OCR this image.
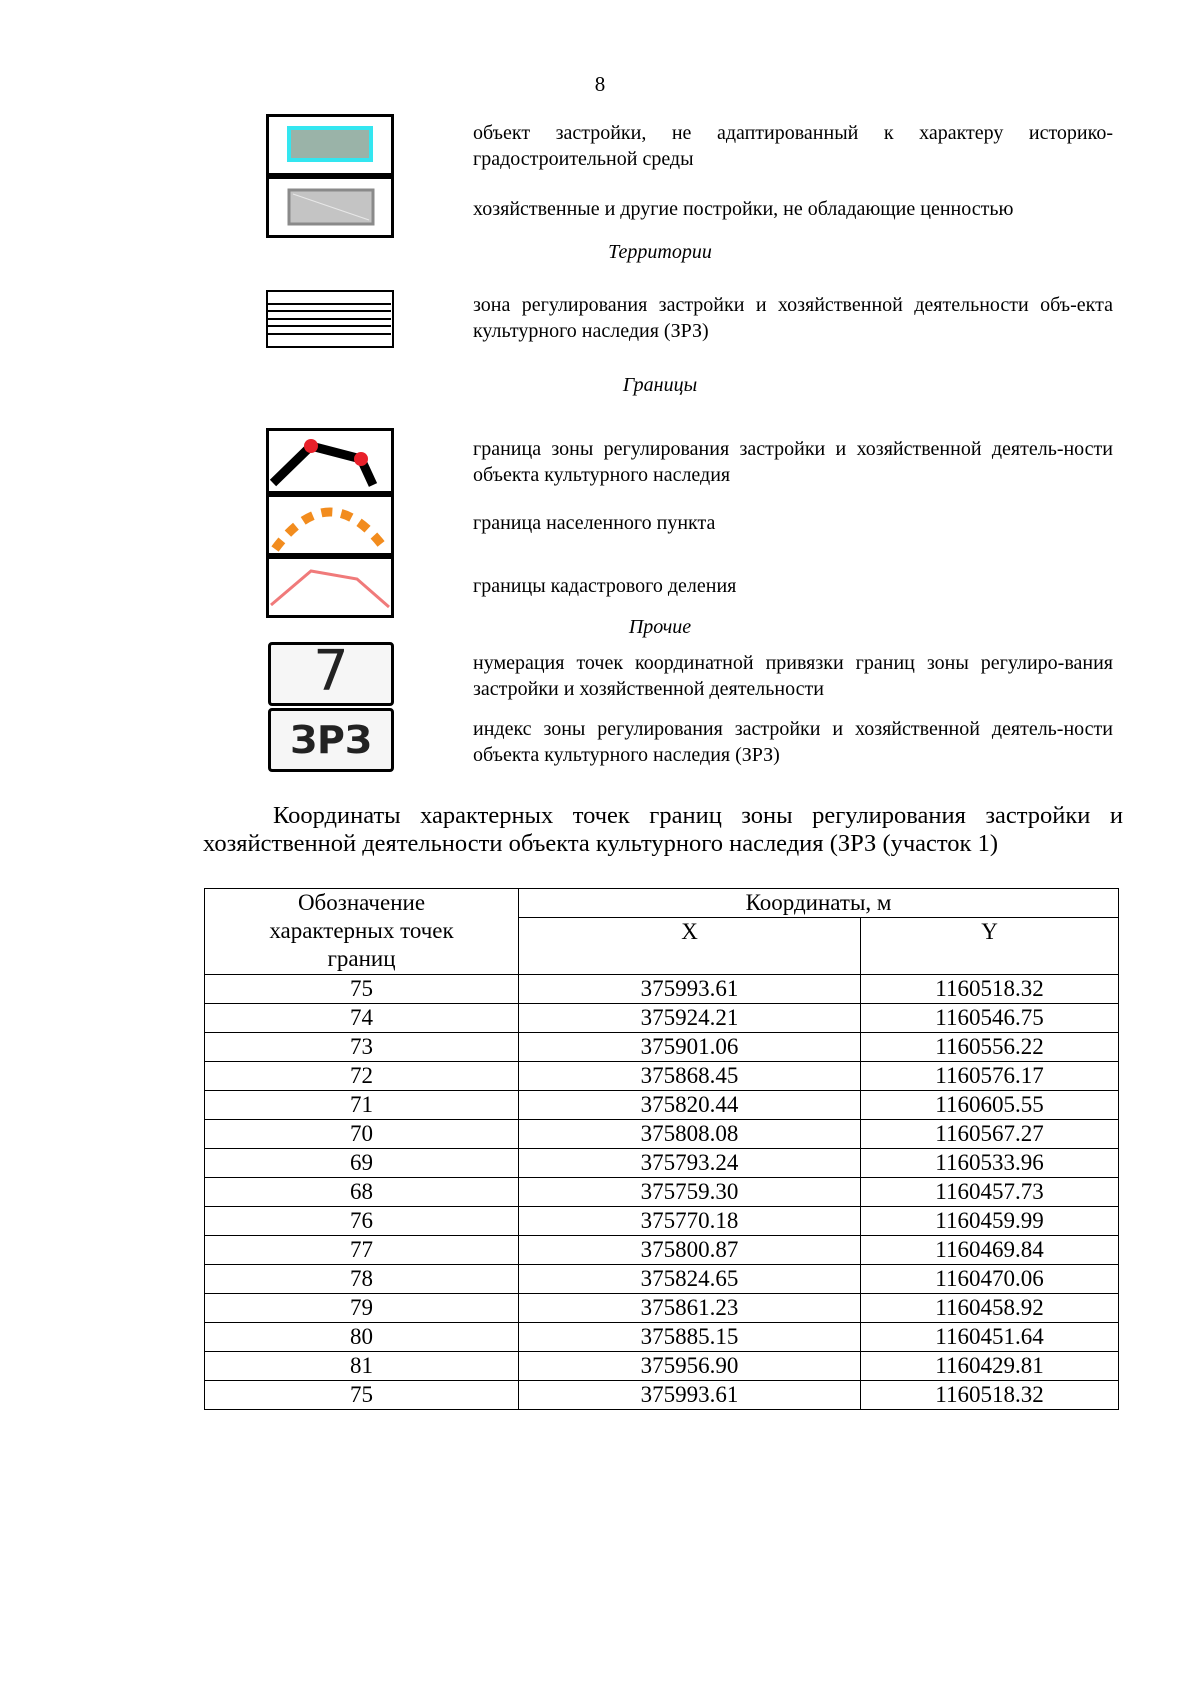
8
объект застройки, не адаптированный к характеру историко-градостроительной среды
хозяйственные и другие постройки, не обладающие ценностью
Территории
зона регулирования застройки и хозяйственной деятельности объ-екта культурного наследия (ЗРЗ)
Границы
граница зоны регулирования застройки и хозяйственной деятель-ности объекта культурного наследия
граница населенного пункта
границы кадастрового деления
Прочие
7	нумерация точек координатной привязки границ зоны регулиро-вания застройки и хозяйственной деятельности
ЗРЗ	индекс зоны регулирования застройки и хозяйственной деятель-ности объекта культурного наследия (ЗРЗ)
Координаты характерных точек границ зоны регулирования застройки и хозяйственной деятельности объекта культурного наследия (ЗРЗ (участок 1)
Обозначение характерных точек границ	Координаты, м	
	X	Y
75	375993.61	1160518.32
74	375924.21	1160546.75
73	375901.06	1160556.22
72	375868.45	1160576.17
71	375820.44	1160605.55
70	375808.08	1160567.27
69	375793.24	1160533.96
68	375759.30	1160457.73
76	375770.18	1160459.99
77	375800.87	1160469.84
78	375824.65	1160470.06
79	375861.23	1160458.92
80	375885.15	1160451.64
81	375956.90	1160429.81
75	375993.61	1160518.32
